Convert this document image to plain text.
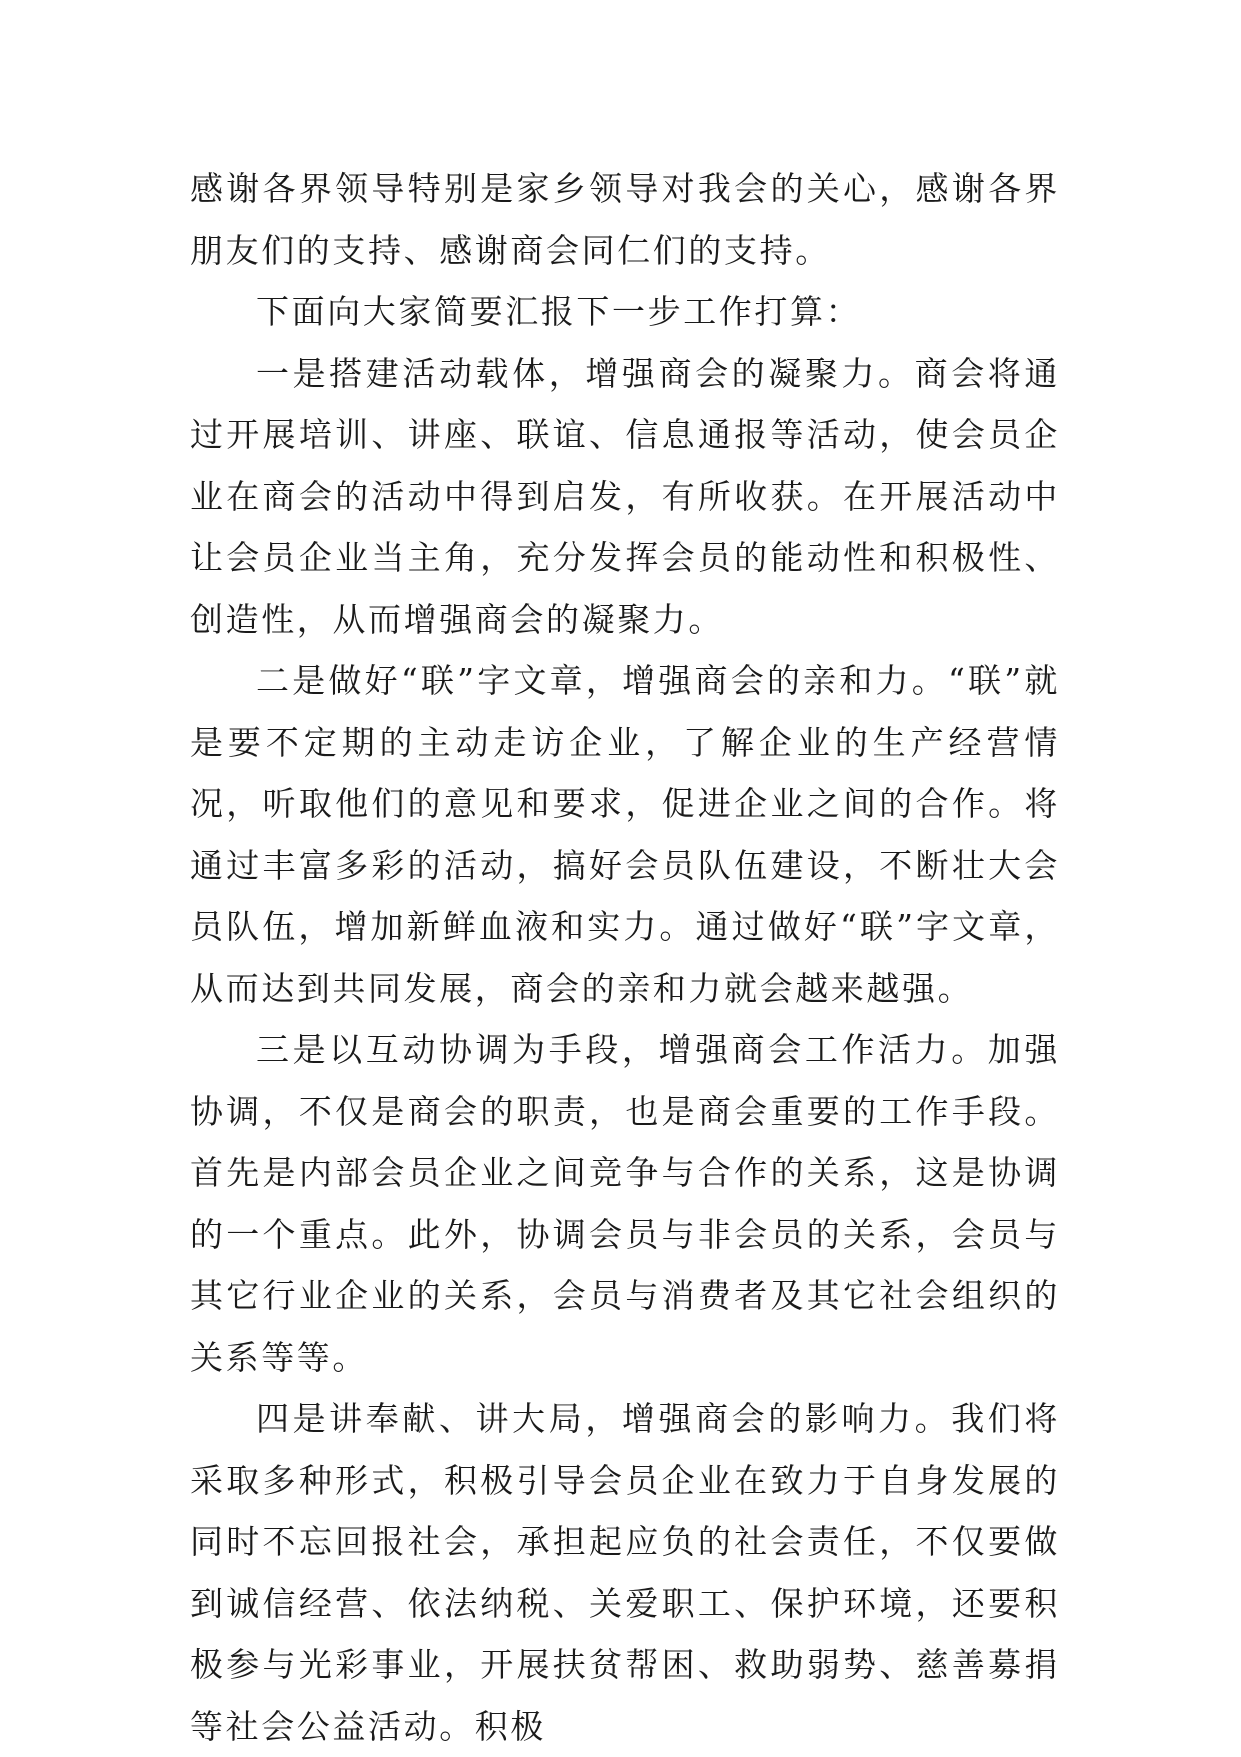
感谢各界领导特别是家乡领导对我会的关心，感谢各界朋友们的支持、感谢商会同仁们的支持。

下面向大家简要汇报下一步工作打算：

一是搭建活动载体，增强商会的凝聚力。商会将通过开展培训、讲座、联谊、信息通报等活动，使会员企业在商会的活动中得到启发，有所收获。在开展活动中让会员企业当主角，充分发挥会员的能动性和积极性、创造性，从而增强商会的凝聚力。

二是做好“联”字文章，增强商会的亲和力。“联”就是要不定期的主动走访企业，了解企业的生产经营情况，听取他们的意见和要求，促进企业之间的合作。将通过丰富多彩的活动，搞好会员队伍建设，不断壮大会员队伍，增加新鲜血液和实力。通过做好“联”字文章，从而达到共同发展，商会的亲和力就会越来越强。

三是以互动协调为手段，增强商会工作活力。加强协调，不仅是商会的职责，也是商会重要的工作手段。首先是内部会员企业之间竞争与合作的关系，这是协调的一个重点。此外，协调会员与非会员的关系，会员与其它行业企业的关系，会员与消费者及其它社会组织的关系等等。

四是讲奉献、讲大局，增强商会的影响力。我们将采取多种形式，积极引导会员企业在致力于自身发展的同时不忘回报社会，承担起应负的社会责任，不仅要做到诚信经营、依法纳税、关爱职工、保护环境，还要积极参与光彩事业，开展扶贫帮困、救助弱势、慈善募捐等社会公益活动。积极
